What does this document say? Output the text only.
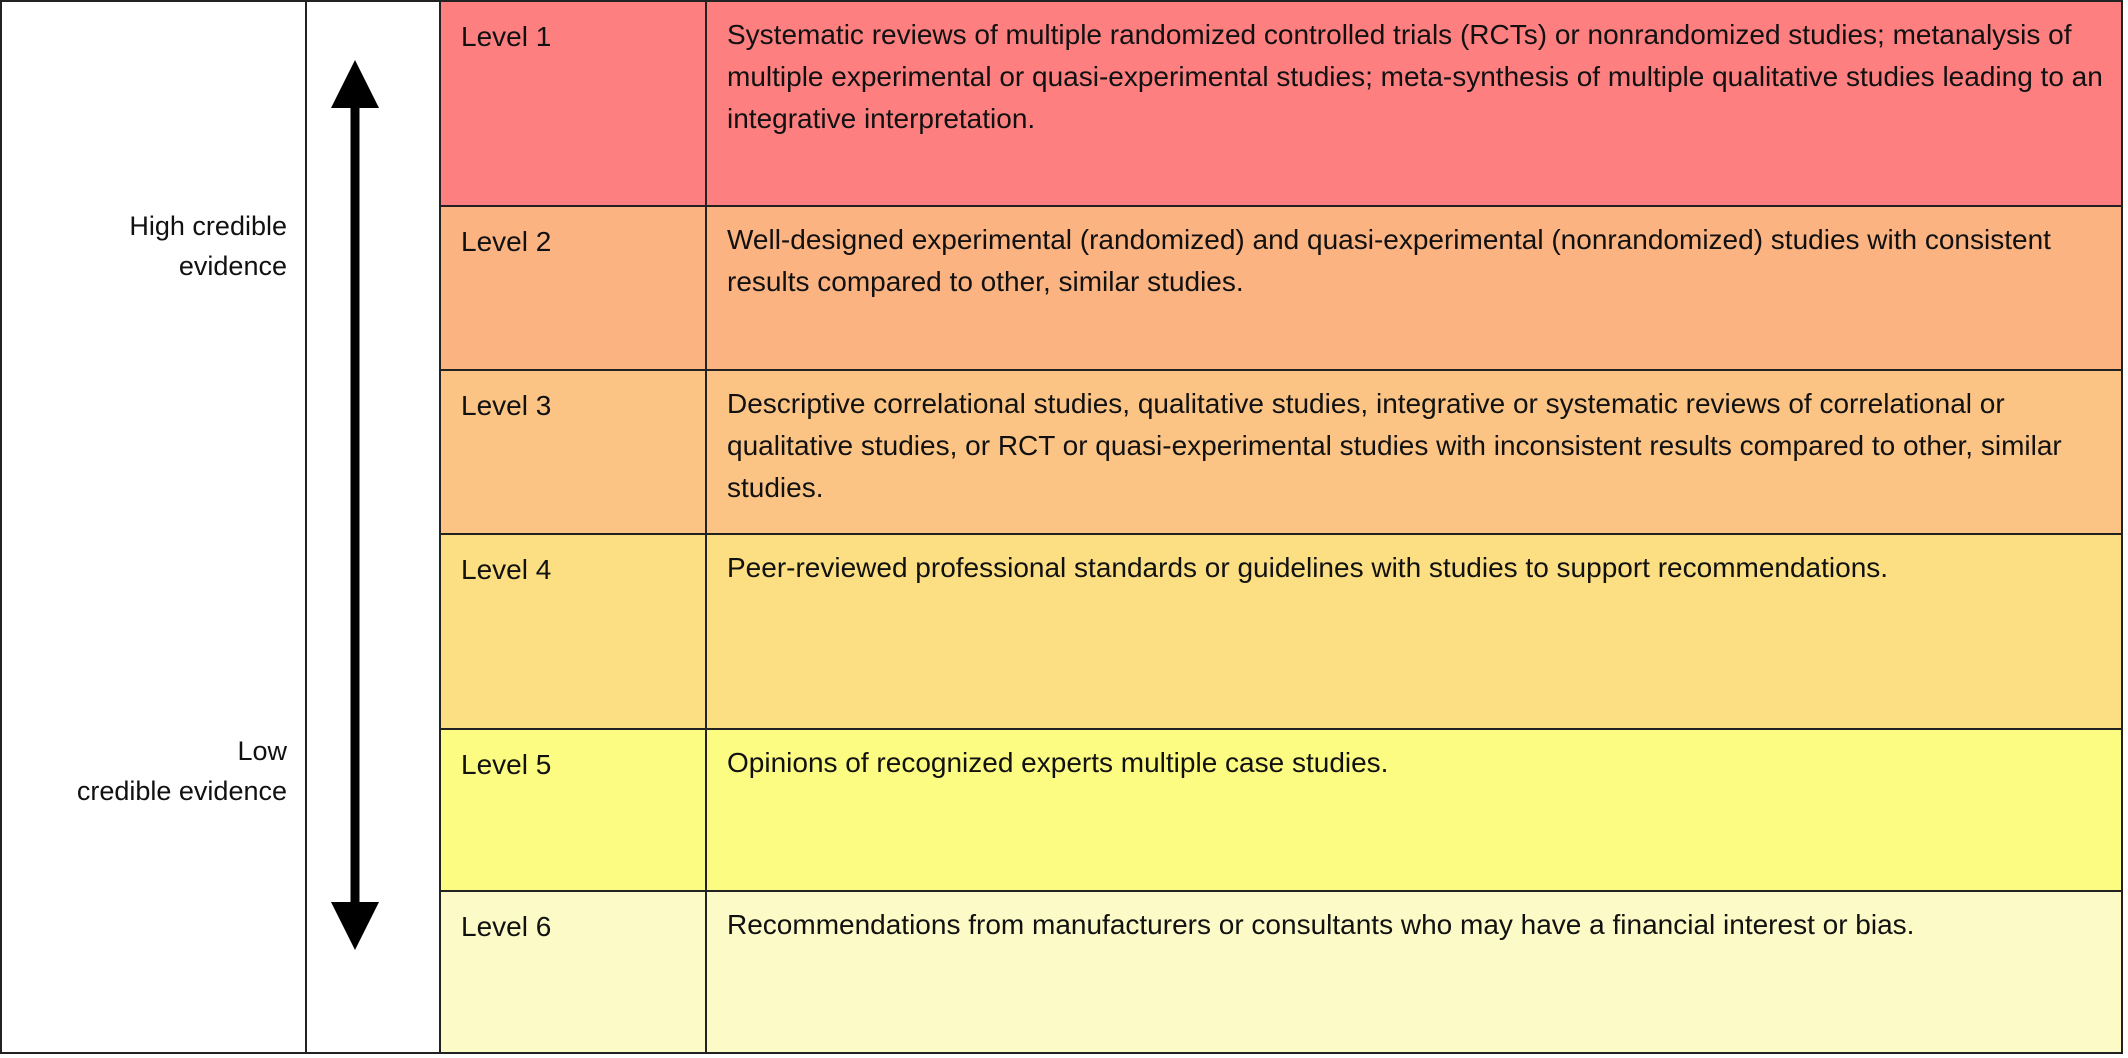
High credible
evidence
Low
credible evidence
Level 1	Systematic reviews of multiple randomized controlled trials (RCTs) or nonrandomized studies; metanalysis of multiple experimental or quasi-experimental studies; meta-synthesis of multiple qualitative studies leading to an integrative interpretation.
Level 2	Well-designed experimental (randomized) and quasi-experimental (nonrandomized) studies with consistent results compared to other, similar studies.
Level 3	Descriptive correlational studies, qualitative studies, integrative or systematic reviews of correlational or qualitative studies, or RCT or quasi-experimental studies with inconsistent results compared to other, similar studies.
Level 4	Peer-reviewed professional standards or guidelines with studies to support recommendations.
Level 5	Opinions of recognized experts multiple case studies.
Level 6	Recommendations from manufacturers or consultants who may have a financial interest or bias.
